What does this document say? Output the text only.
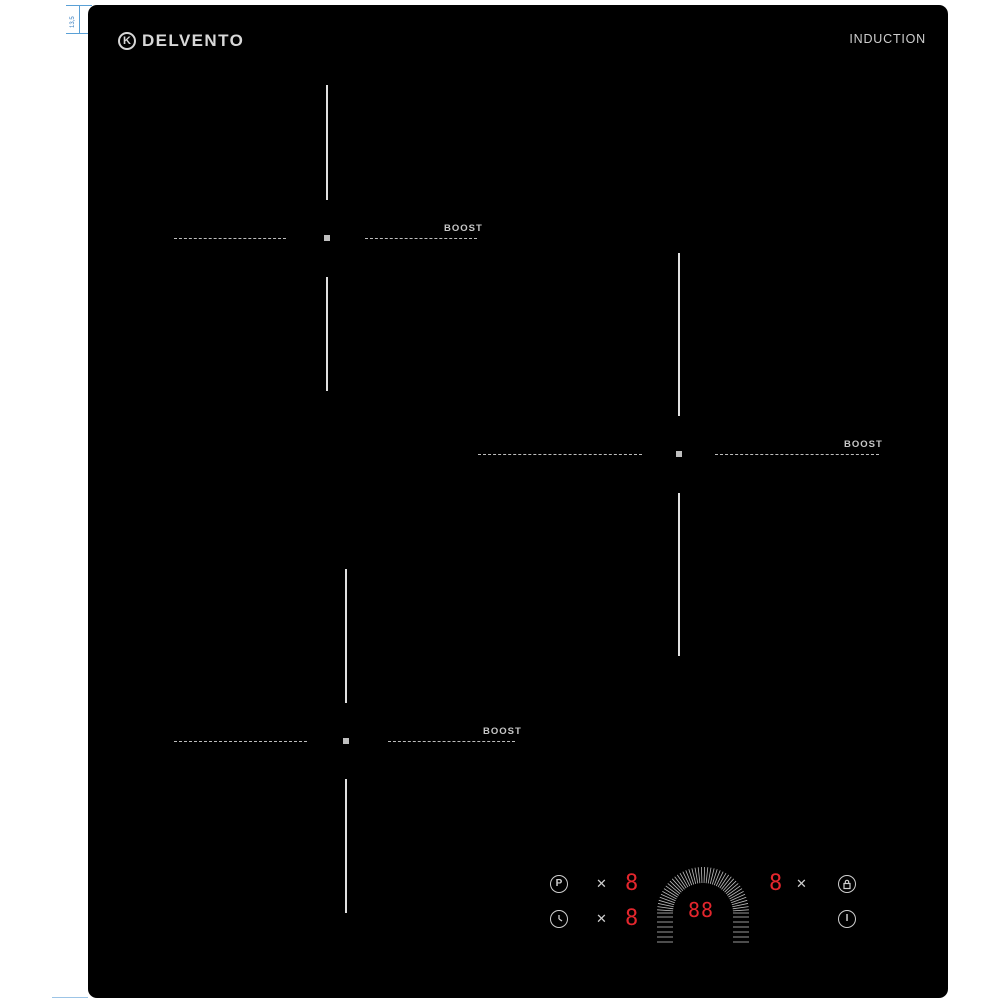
13,5
K DELVENTO	INDUCTION
BOOST
BOOST
BOOST
P	✕ 8
✕ 8 88
8 ✕
I
